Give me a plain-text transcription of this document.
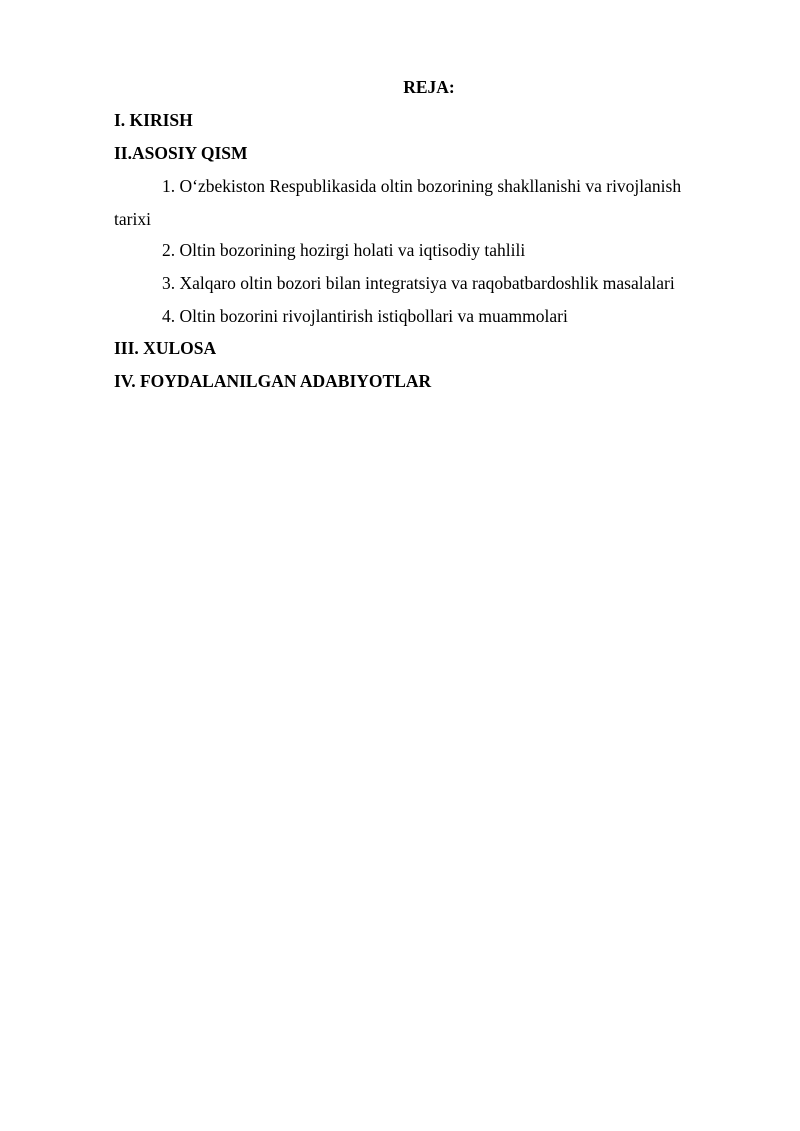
REJA:
I. KIRISH
II.ASOSIY QISM
1. O‘zbekiston Respublikasida oltin bozorining shakllanishi va rivojlanish
tarixi
2. Oltin bozorining hozirgi holati va iqtisodiy tahlili
3. Xalqaro oltin bozori bilan integratsiya va raqobatbardoshlik masalalari
4. Oltin bozorini rivojlantirish istiqbollari va muammolari
III. XULOSA
IV. FOYDALANILGAN ADABIYOTLAR
